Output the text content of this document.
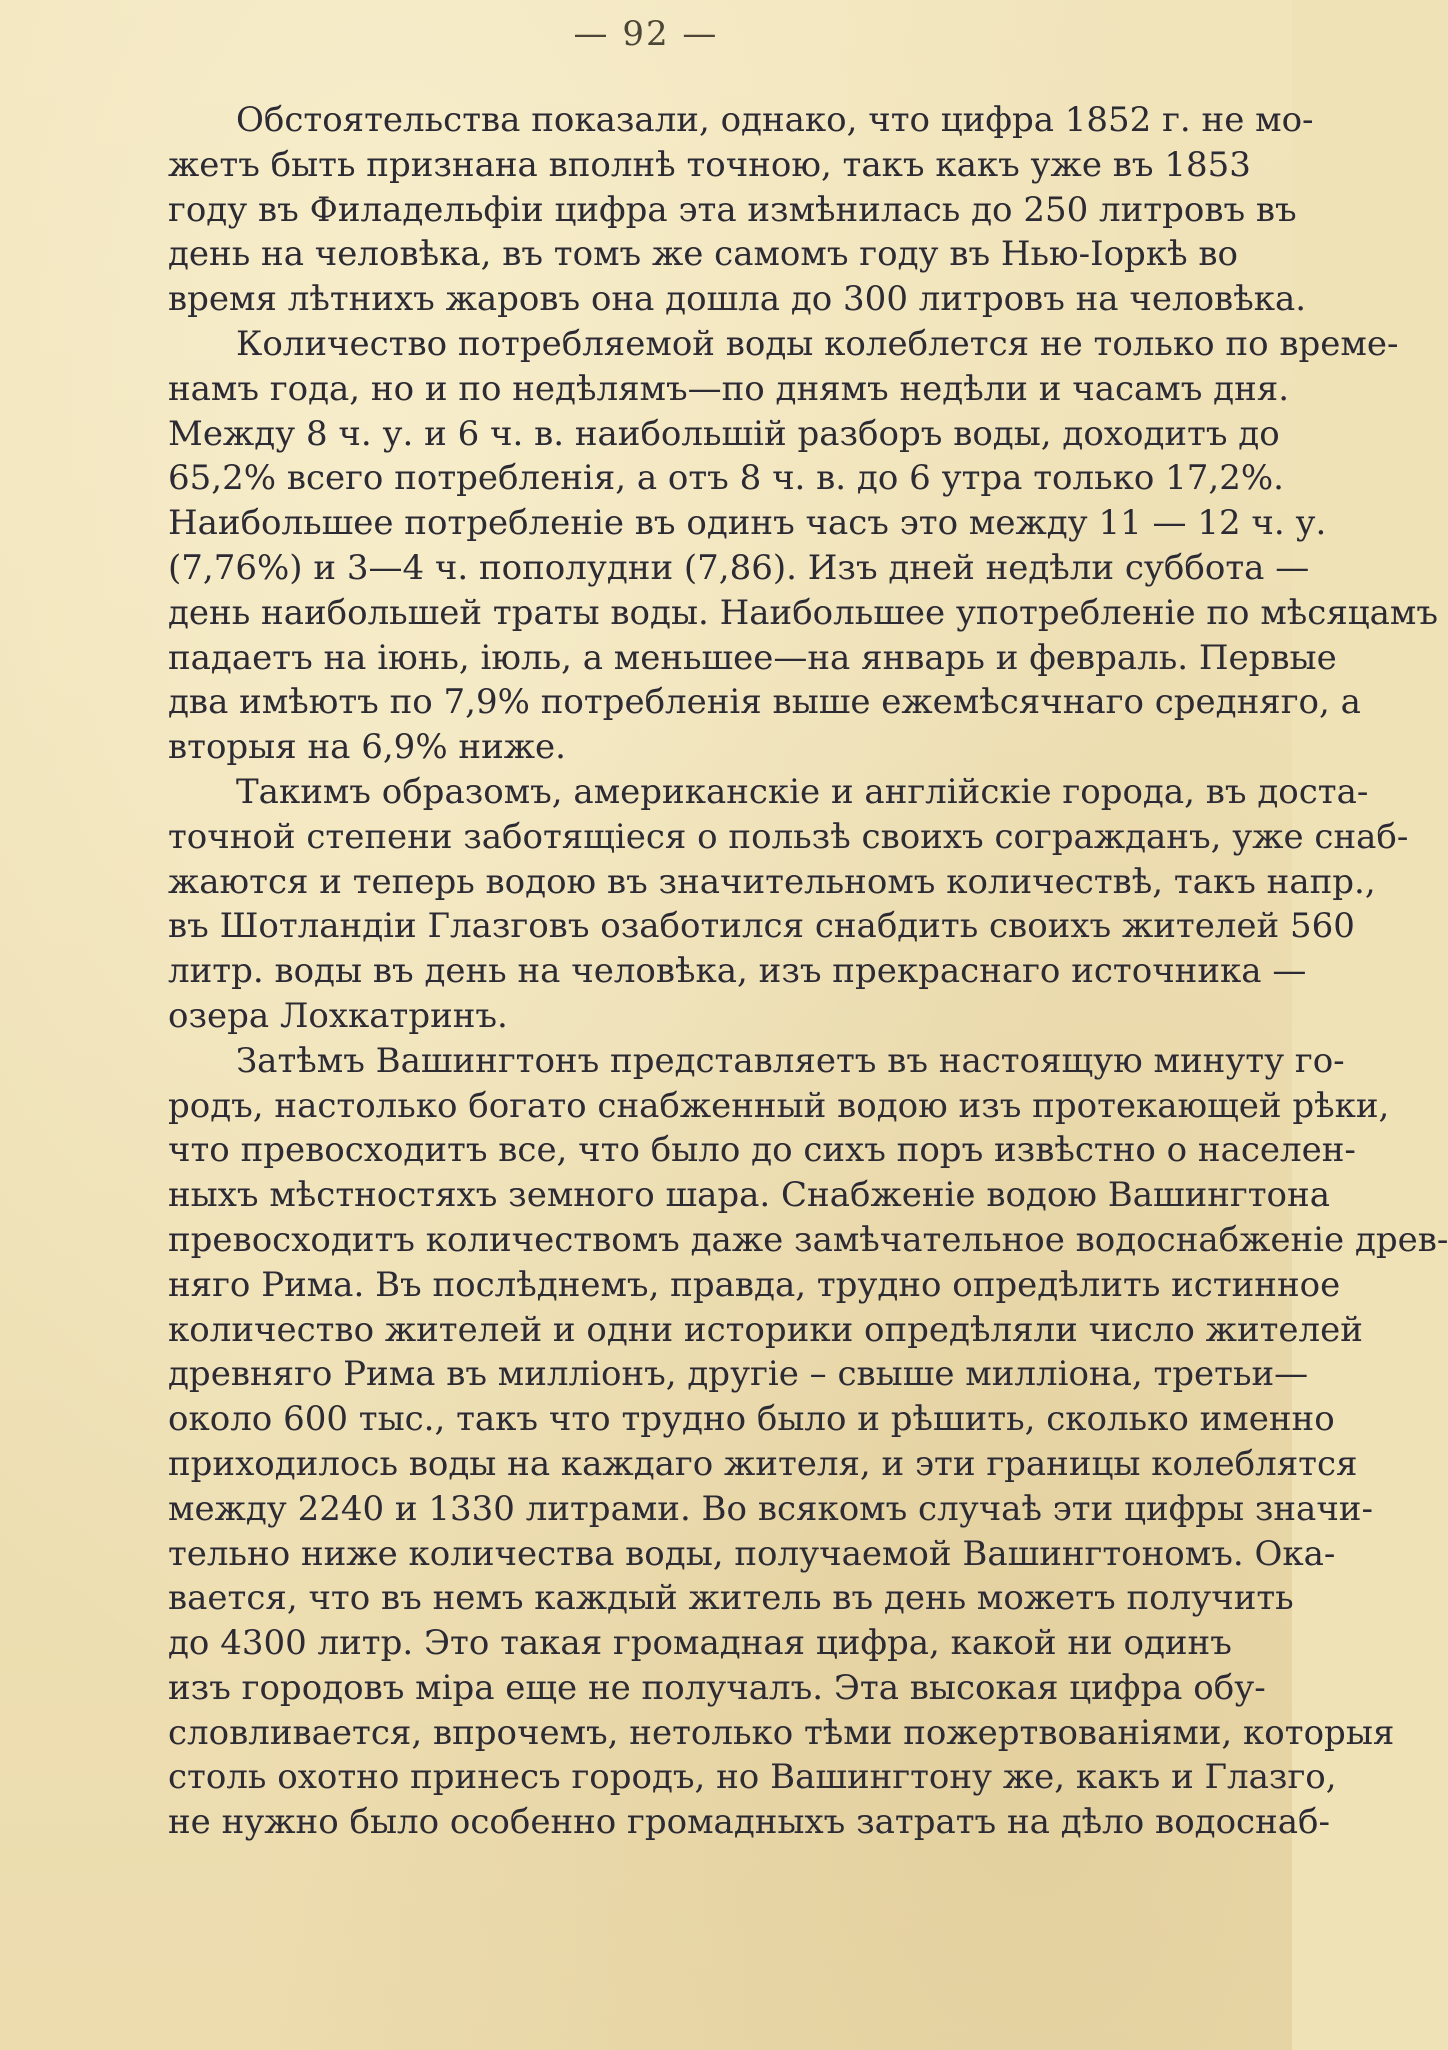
— 92 —
Обстоятельства показали, однако, что цифра 1852 г. не мо-
жетъ быть признана вполнѣ точною, такъ какъ уже въ 1853
году въ Филадельфіи цифра эта измѣнилась до 250 литровъ въ
день на человѣка, въ томъ же самомъ году въ Нью-Іоркѣ во
время лѣтнихъ жаровъ она дошла до 300 литровъ на человѣка.
Количество потребляемой воды колеблется не только по време-
намъ года, но и по недѣлямъ—по днямъ недѣли и часамъ дня.
Между 8 ч. у. и 6 ч. в. наибольшій разборъ воды, доходитъ до
65,2% всего потребленія, а отъ 8 ч. в. до 6 утра только 17,2%.
Наибольшее потребленіе въ одинъ часъ это между 11 — 12 ч. у.
(7,76%) и 3—4 ч. пополудни (7,86). Изъ дней недѣли суббота —
день наибольшей траты воды. Наибольшее употребленіе по мѣсяцамъ
падаетъ на іюнь, іюль, а меньшее—на январь и февраль. Первые
два имѣютъ по 7,9% потребленія выше ежемѣсячнаго средняго, а
вторыя на 6,9% ниже.
Такимъ образомъ, американскіе и англійскіе города, въ доста-
точной степени заботящіеся о пользѣ своихъ согражданъ, уже снаб-
жаются и теперь водою въ значительномъ количествѣ, такъ напр.,
въ Шотландіи Глазговъ озаботился снабдить своихъ жителей 560
литр. воды въ день на человѣка, изъ прекраснаго источника —
озера Лохкатринъ.
Затѣмъ Вашингтонъ представляетъ въ настоящую минуту го-
родъ, настолько богато снабженный водою изъ протекающей рѣки,
что превосходитъ все, что было до сихъ поръ извѣстно о населен-
ныхъ мѣстностяхъ земного шара. Снабженіе водою Вашингтона
превосходитъ количествомъ даже замѣчательное водоснабженіе древ-
няго Рима. Въ послѣднемъ, правда, трудно опредѣлить истинное
количество жителей и одни историки опредѣляли число жителей
древняго Рима въ милліонъ, другіе – свыше милліона, третьи—
около 600 тыс., такъ что трудно было и рѣшить, сколько именно
приходилось воды на каждаго жителя, и эти границы колеблятся
между 2240 и 1330 литрами. Во всякомъ случаѣ эти цифры значи-
тельно ниже количества воды, получаемой Вашингтономъ. Ока-
вается, что въ немъ каждый житель въ день можетъ получить
до 4300 литр. Это такая громадная цифра, какой ни одинъ
изъ городовъ міра еще не получалъ. Эта высокая цифра обу-
словливается, впрочемъ, нетолько тѣми пожертвованіями, которыя
столь охотно принесъ городъ, но Вашингтону же, какъ и Глазго,
не нужно было особенно громадныхъ затратъ на дѣло водоснаб-
